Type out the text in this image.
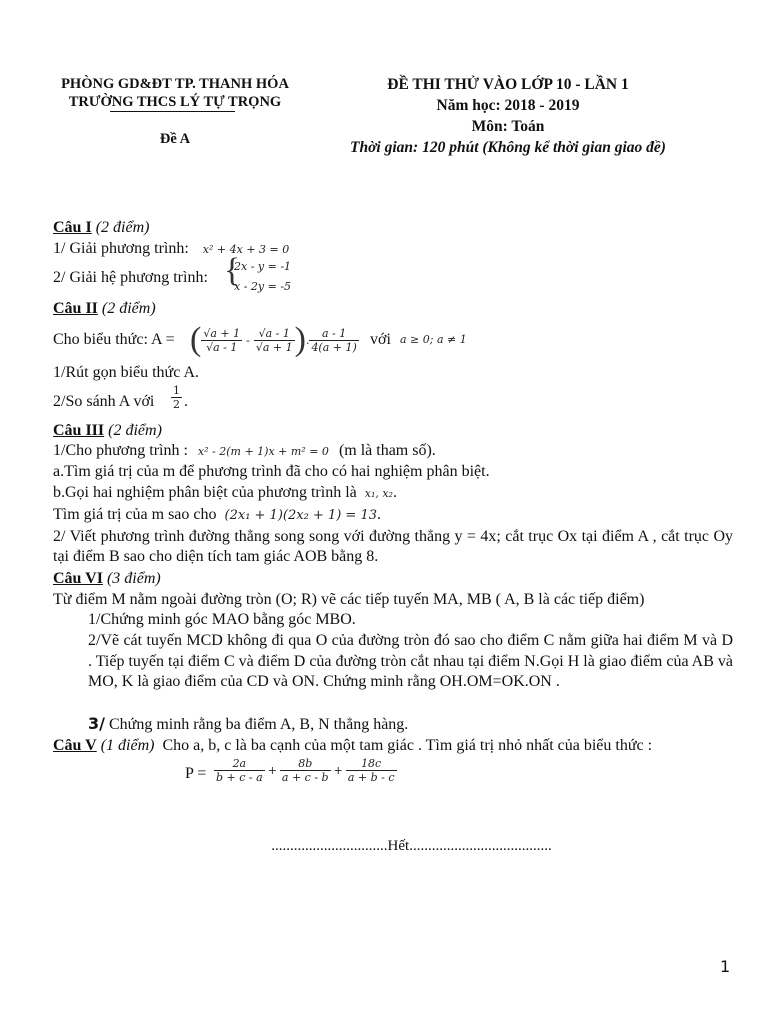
PHÒNG GD&ĐT TP. THANH HÓA
TRƯỜNG THCS LÝ TỰ TRỌNG
Đề A
ĐỀ THI THỬ VÀO LỚP 10 - LẦN 1
Năm học: 2018 - 2019
Môn: Toán
Thời gian: 120 phút (Không kể thời gian giao đề)
Câu I (2 điểm)
1/ Giải phương trình: x² + 4x + 3 = 0
2/ Giải hệ phương trình: {
2x - y = -1
x - 2y = -5
Câu II (2 điểm)
Cho biểu thức: A = ( $\frac{√a + 1}{√a - 1} - \frac{√a - 1}{√a + 1}$ ) . $\frac{a - 1}{4(a + 1)}$ với a ≥ 0; a ≠ 1
1/Rút gọn biểu thức A.
2/So sánh A với $\frac{1}{2}$ .
Câu III (2 điểm)
1/Cho phương trình : x² - 2(m + 1)x + m² = 0 (m là tham số).
a.Tìm giá trị của m để phương trình đã cho có hai nghiệm phân biệt.
b.Gọi hai nghiệm phân biệt của phương trình là x₁, x₂.
Tìm giá trị của m sao cho (2x₁ + 1)(2x₂ + 1) = 13.
2/ Viết phương trình đường thẳng song song với đường thẳng y = 4x; cắt trục Ox tại điểm A , cắt trục Oy tại điểm B sao cho diện tích tam giác AOB bằng 8.
Câu VI (3 điểm)
Từ điểm M nằm ngoài đường tròn (O; R) vẽ các tiếp tuyến MA, MB ( A, B là các tiếp điểm)
1/Chứng minh góc MAO bằng góc MBO.
2/Vẽ cát tuyến MCD không đi qua O của đường tròn đó sao cho điểm C nằm giữa hai điểm M và D . Tiếp tuyến tại điểm C và điểm D của đường tròn cắt nhau tại điểm N.Gọi H là giao điểm của AB và MO, K là giao điểm của CD và ON. Chứng minh rằng OH.OM=OK.ON .
3/ Chứng minh rằng ba điểm A, B, N thẳng hàng.
Câu V (1 điểm) Cho a, b, c là ba cạnh của một tam giác . Tìm giá trị nhỏ nhất của biểu thức :
$P = \frac{2a}{b + c - a} + \frac{8b}{a + c - b} + \frac{18c}{a + b - c}$
...............................Hết......................................
1
